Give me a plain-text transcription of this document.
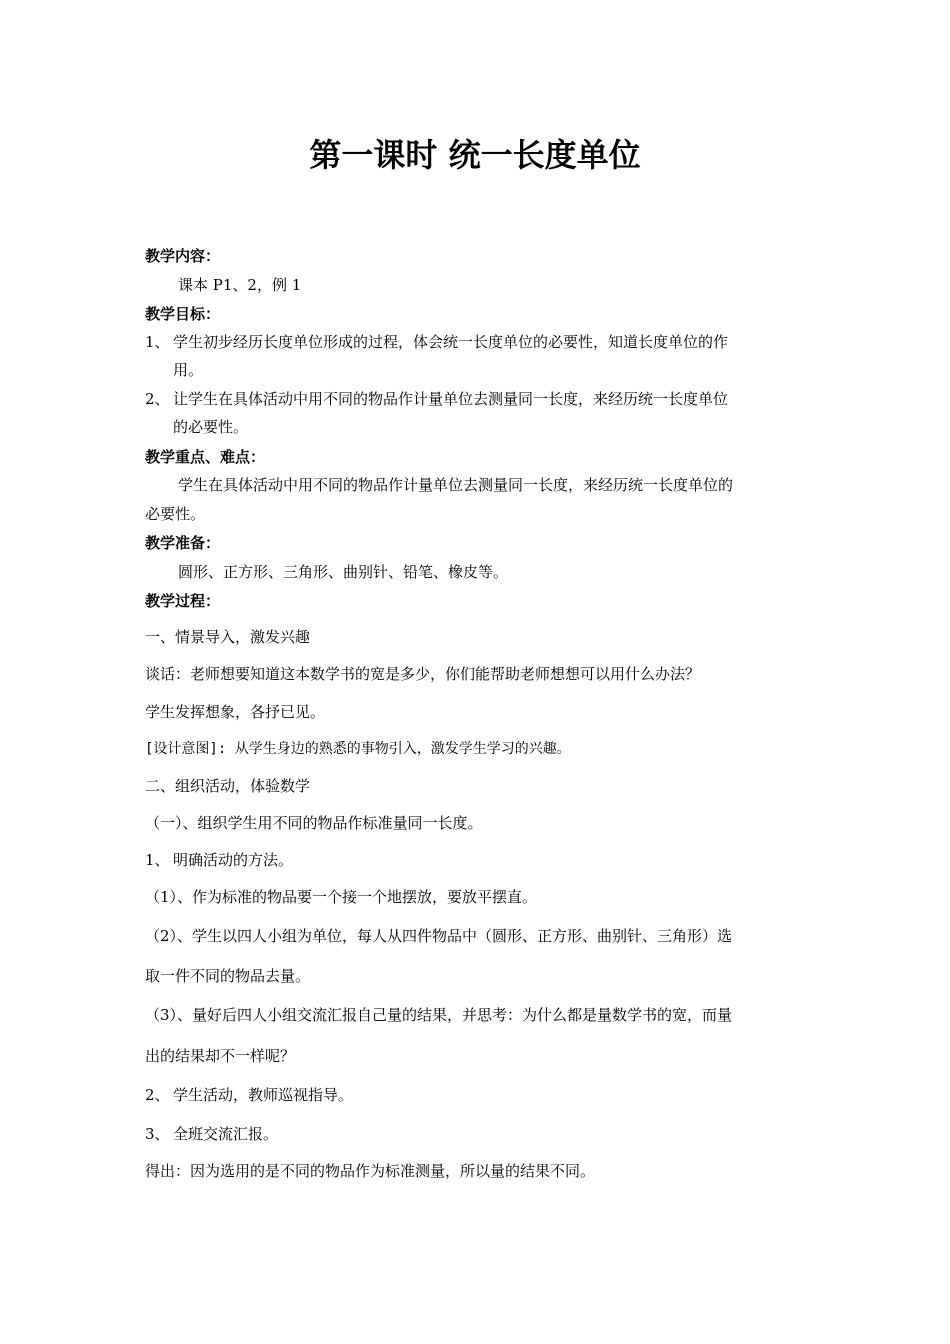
第一课时 统一长度单位

教学内容：

课本 P1、2，例 1

教学目标：

1、 学生初步经历长度单位形成的过程，体会统一长度单位的必要性，知道长度单位的作

用。

2、 让学生在具体活动中用不同的物品作计量单位去测量同一长度，来经历统一长度单位

的必要性。

教学重点、难点：

学生在具体活动中用不同的物品作计量单位去测量同一长度，来经历统一长度单位的

必要性。

教学准备：

圆形、正方形、三角形、曲别针、铅笔、橡皮等。

教学过程：

一、情景导入，激发兴趣

谈话：老师想要知道这本数学书的宽是多少，你们能帮助老师想想可以用什么办法？

学生发挥想象，各抒已见。

[设计意图]: 从学生身边的熟悉的事物引入，激发学生学习的兴趣。

二、组织活动，体验数学

（一）、组织学生用不同的物品作标准量同一长度。

1、 明确活动的方法。

（1）、作为标准的物品要一个接一个地摆放，要放平摆直。

（2）、学生以四人小组为单位，每人从四件物品中（圆形、正方形、曲别针、三角形）选

取一件不同的物品去量。

（3）、量好后四人小组交流汇报自己量的结果，并思考：为什么都是量数学书的宽，而量

出的结果却不一样呢？

2、 学生活动，教师巡视指导。

3、 全班交流汇报。

得出：因为选用的是不同的物品作为标准测量，所以量的结果不同。
